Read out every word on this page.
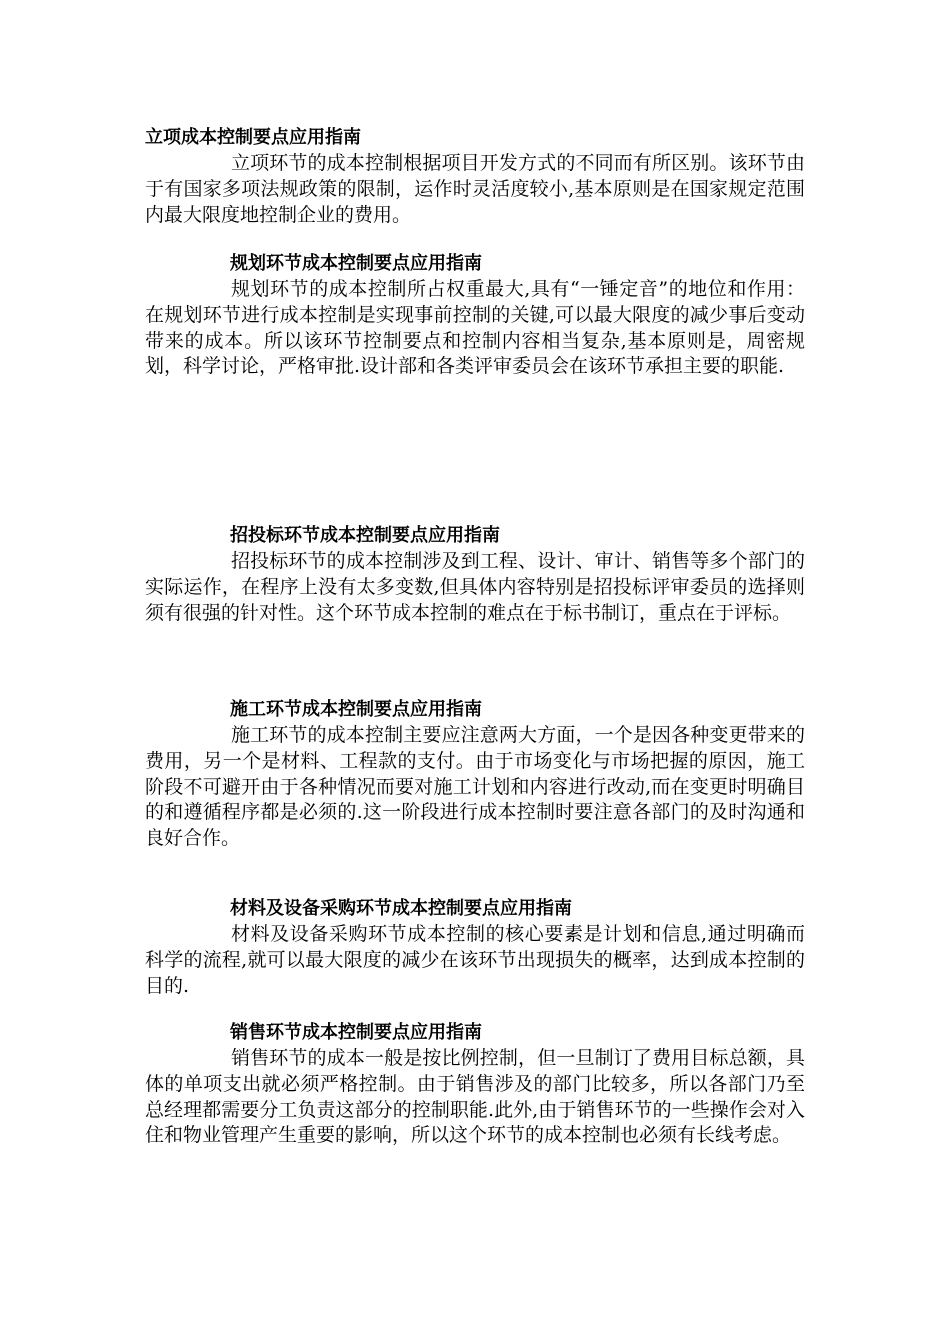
立项成本控制要点应用指南

立项环节的成本控制根据项目开发方式的不同而有所区别。该环节由于有国家多项法规政策的限制，运作时灵活度较小,基本原则是在国家规定范围内最大限度地控制企业的费用。

规划环节成本控制要点应用指南

规划环节的成本控制所占权重最大,具有“一锤定音”的地位和作用：在规划环节进行成本控制是实现事前控制的关键,可以最大限度的减少事后变动带来的成本。所以该环节控制要点和控制内容相当复杂,基本原则是，周密规划，科学讨论，严格审批.设计部和各类评审委员会在该环节承担主要的职能.

招投标环节成本控制要点应用指南

招投标环节的成本控制涉及到工程、设计、审计、销售等多个部门的实际运作，在程序上没有太多变数,但具体内容特别是招投标评审委员的选择则须有很强的针对性。这个环节成本控制的难点在于标书制订，重点在于评标。

施工环节成本控制要点应用指南

施工环节的成本控制主要应注意两大方面，一个是因各种变更带来的费用，另一个是材料、工程款的支付。由于市场变化与市场把握的原因，施工阶段不可避开由于各种情况而要对施工计划和内容进行改动,而在变更时明确目的和遵循程序都是必须的.这一阶段进行成本控制时要注意各部门的及时沟通和良好合作。

材料及设备采购环节成本控制要点应用指南

材料及设备采购环节成本控制的核心要素是计划和信息,通过明确而科学的流程,就可以最大限度的减少在该环节出现损失的概率，达到成本控制的目的.

销售环节成本控制要点应用指南

销售环节的成本一般是按比例控制，但一旦制订了费用目标总额，具体的单项支出就必须严格控制。由于销售涉及的部门比较多，所以各部门乃至总经理都需要分工负责这部分的控制职能.此外,由于销售环节的一些操作会对入住和物业管理产生重要的影响，所以这个环节的成本控制也必须有长线考虑。
